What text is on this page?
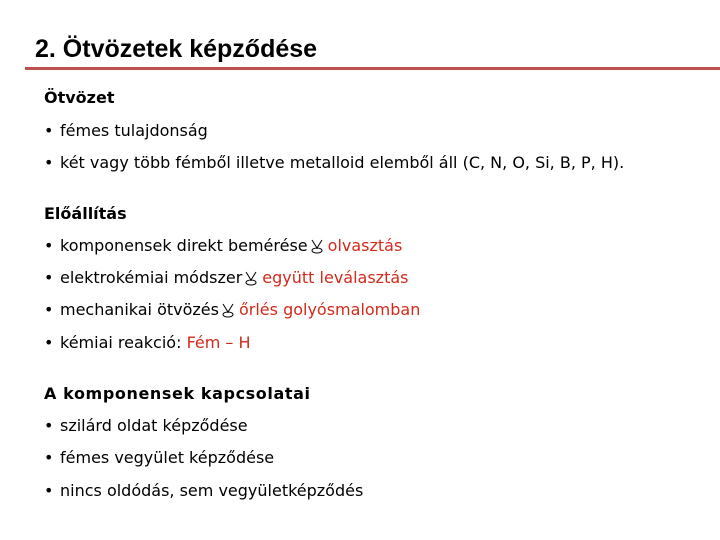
2. Ötvözetek képződése
Ötvözet
• fémes tulajdonság
• két vagy több fémből illetve metalloid elemből áll (C, N, O, Si, B, P, H).
Előállítás
• komponensek direkt bemérése olvasztás
• elektrokémiai módszer együtt leválasztás
• mechanikai ötvözés őrlés golyósmalomban
• kémiai reakció: Fém – H
A komponensek kapcsolatai
• szilárd oldat képződése
• fémes vegyület képződése
• nincs oldódás, sem vegyületképződés
